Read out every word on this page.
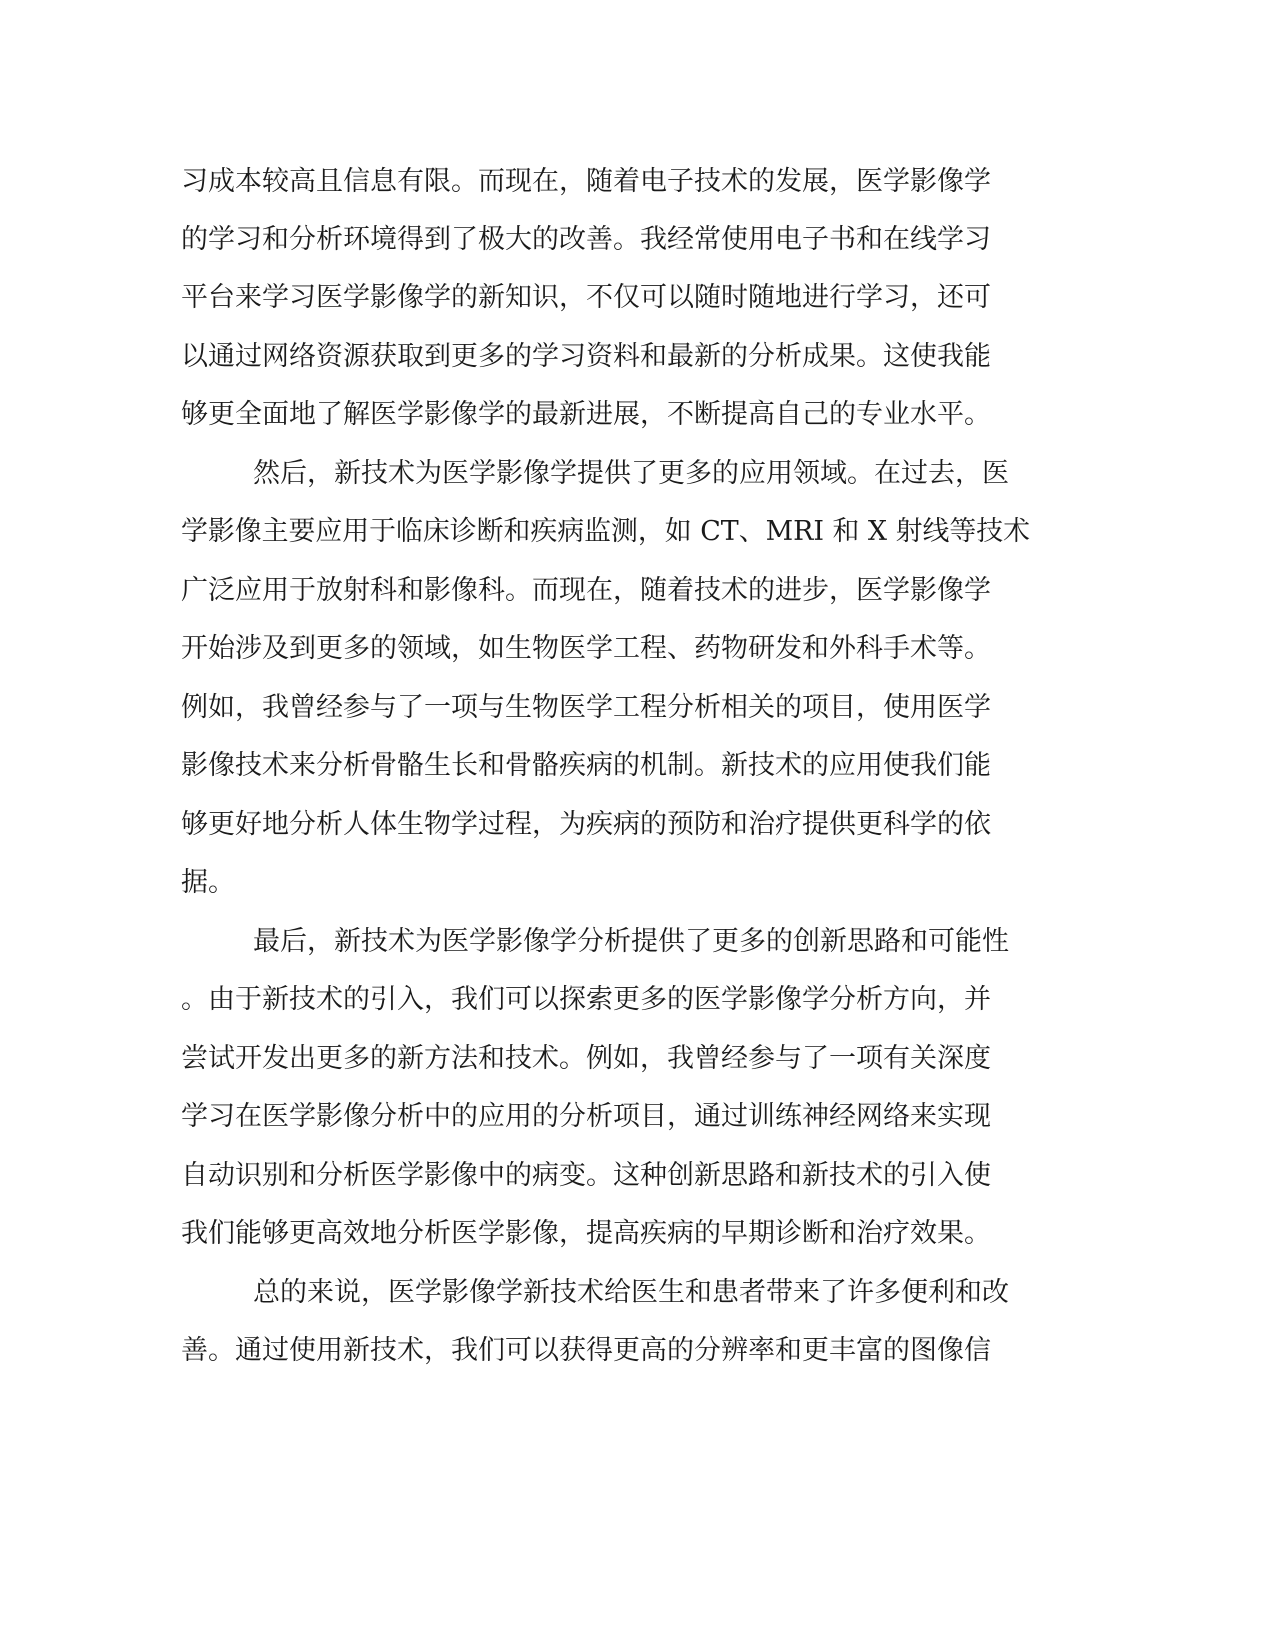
习成本较高且信息有限。而现在，随着电子技术的发展，医学影像学
的学习和分析环境得到了极大的改善。我经常使用电子书和在线学习
平台来学习医学影像学的新知识，不仅可以随时随地进行学习，还可
以通过网络资源获取到更多的学习资料和最新的分析成果。这使我能
够更全面地了解医学影像学的最新进展，不断提高自己的专业水平。
然后，新技术为医学影像学提供了更多的应用领域。在过去，医
学影像主要应用于临床诊断和疾病监测，如 CT、MRI 和 X 射线等技术
广泛应用于放射科和影像科。而现在，随着技术的进步，医学影像学
开始涉及到更多的领域，如生物医学工程、药物研发和外科手术等。
例如，我曾经参与了一项与生物医学工程分析相关的项目，使用医学
影像技术来分析骨骼生长和骨骼疾病的机制。新技术的应用使我们能
够更好地分析人体生物学过程，为疾病的预防和治疗提供更科学的依
据。
最后，新技术为医学影像学分析提供了更多的创新思路和可能性
。由于新技术的引入，我们可以探索更多的医学影像学分析方向，并
尝试开发出更多的新方法和技术。例如，我曾经参与了一项有关深度
学习在医学影像分析中的应用的分析项目，通过训练神经网络来实现
自动识别和分析医学影像中的病变。这种创新思路和新技术的引入使
我们能够更高效地分析医学影像，提高疾病的早期诊断和治疗效果。
总的来说，医学影像学新技术给医生和患者带来了许多便利和改
善。通过使用新技术，我们可以获得更高的分辨率和更丰富的图像信
